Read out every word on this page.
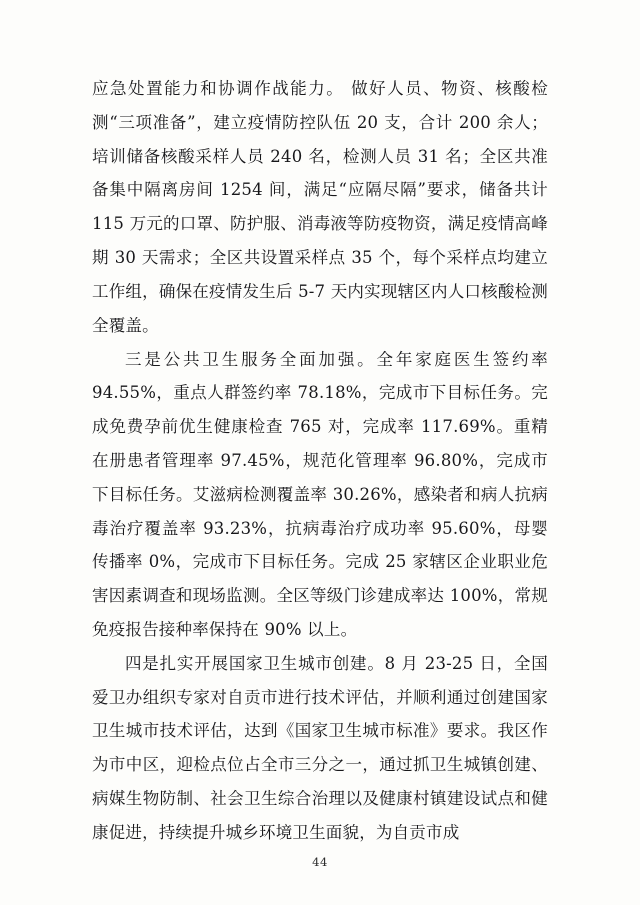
应急处置能力和协调作战能力。 做好人员、物资、核酸检测“三项准备”，建立疫情防控队伍 20 支，合计 200 余人；培训储备核酸采样人员 240 名，检测人员 31 名；全区共准备集中隔离房间 1254 间，满足“应隔尽隔”要求，储备共计 115 万元的口罩、防护服、消毒液等防疫物资，满足疫情高峰期 30 天需求；全区共设置采样点 35 个，每个采样点均建立工作组，确保在疫情发生后 5-7 天内实现辖区内人口核酸检测全覆盖。

三是公共卫生服务全面加强。全年家庭医生签约率 94.55%，重点人群签约率 78.18%，完成市下目标任务。完成免费孕前优生健康检查 765 对，完成率 117.69%。重精在册患者管理率 97.45%，规范化管理率 96.80%，完成市下目标任务。艾滋病检测覆盖率 30.26%，感染者和病人抗病毒治疗覆盖率 93.23%，抗病毒治疗成功率 95.60%，母婴传播率 0%，完成市下目标任务。完成 25 家辖区企业职业危害因素调查和现场监测。全区等级门诊建成率达 100%，常规免疫报告接种率保持在 90% 以上。

四是扎实开展国家卫生城市创建。8 月 23-25 日，全国爱卫办组织专家对自贡市进行技术评估，并顺利通过创建国家卫生城市技术评估，达到《国家卫生城市标准》要求。我区作为市中区，迎检点位占全市三分之一，通过抓卫生城镇创建、病媒生物防制、社会卫生综合治理以及健康村镇建设试点和健康促进，持续提升城乡环境卫生面貌，为自贡市成

44
